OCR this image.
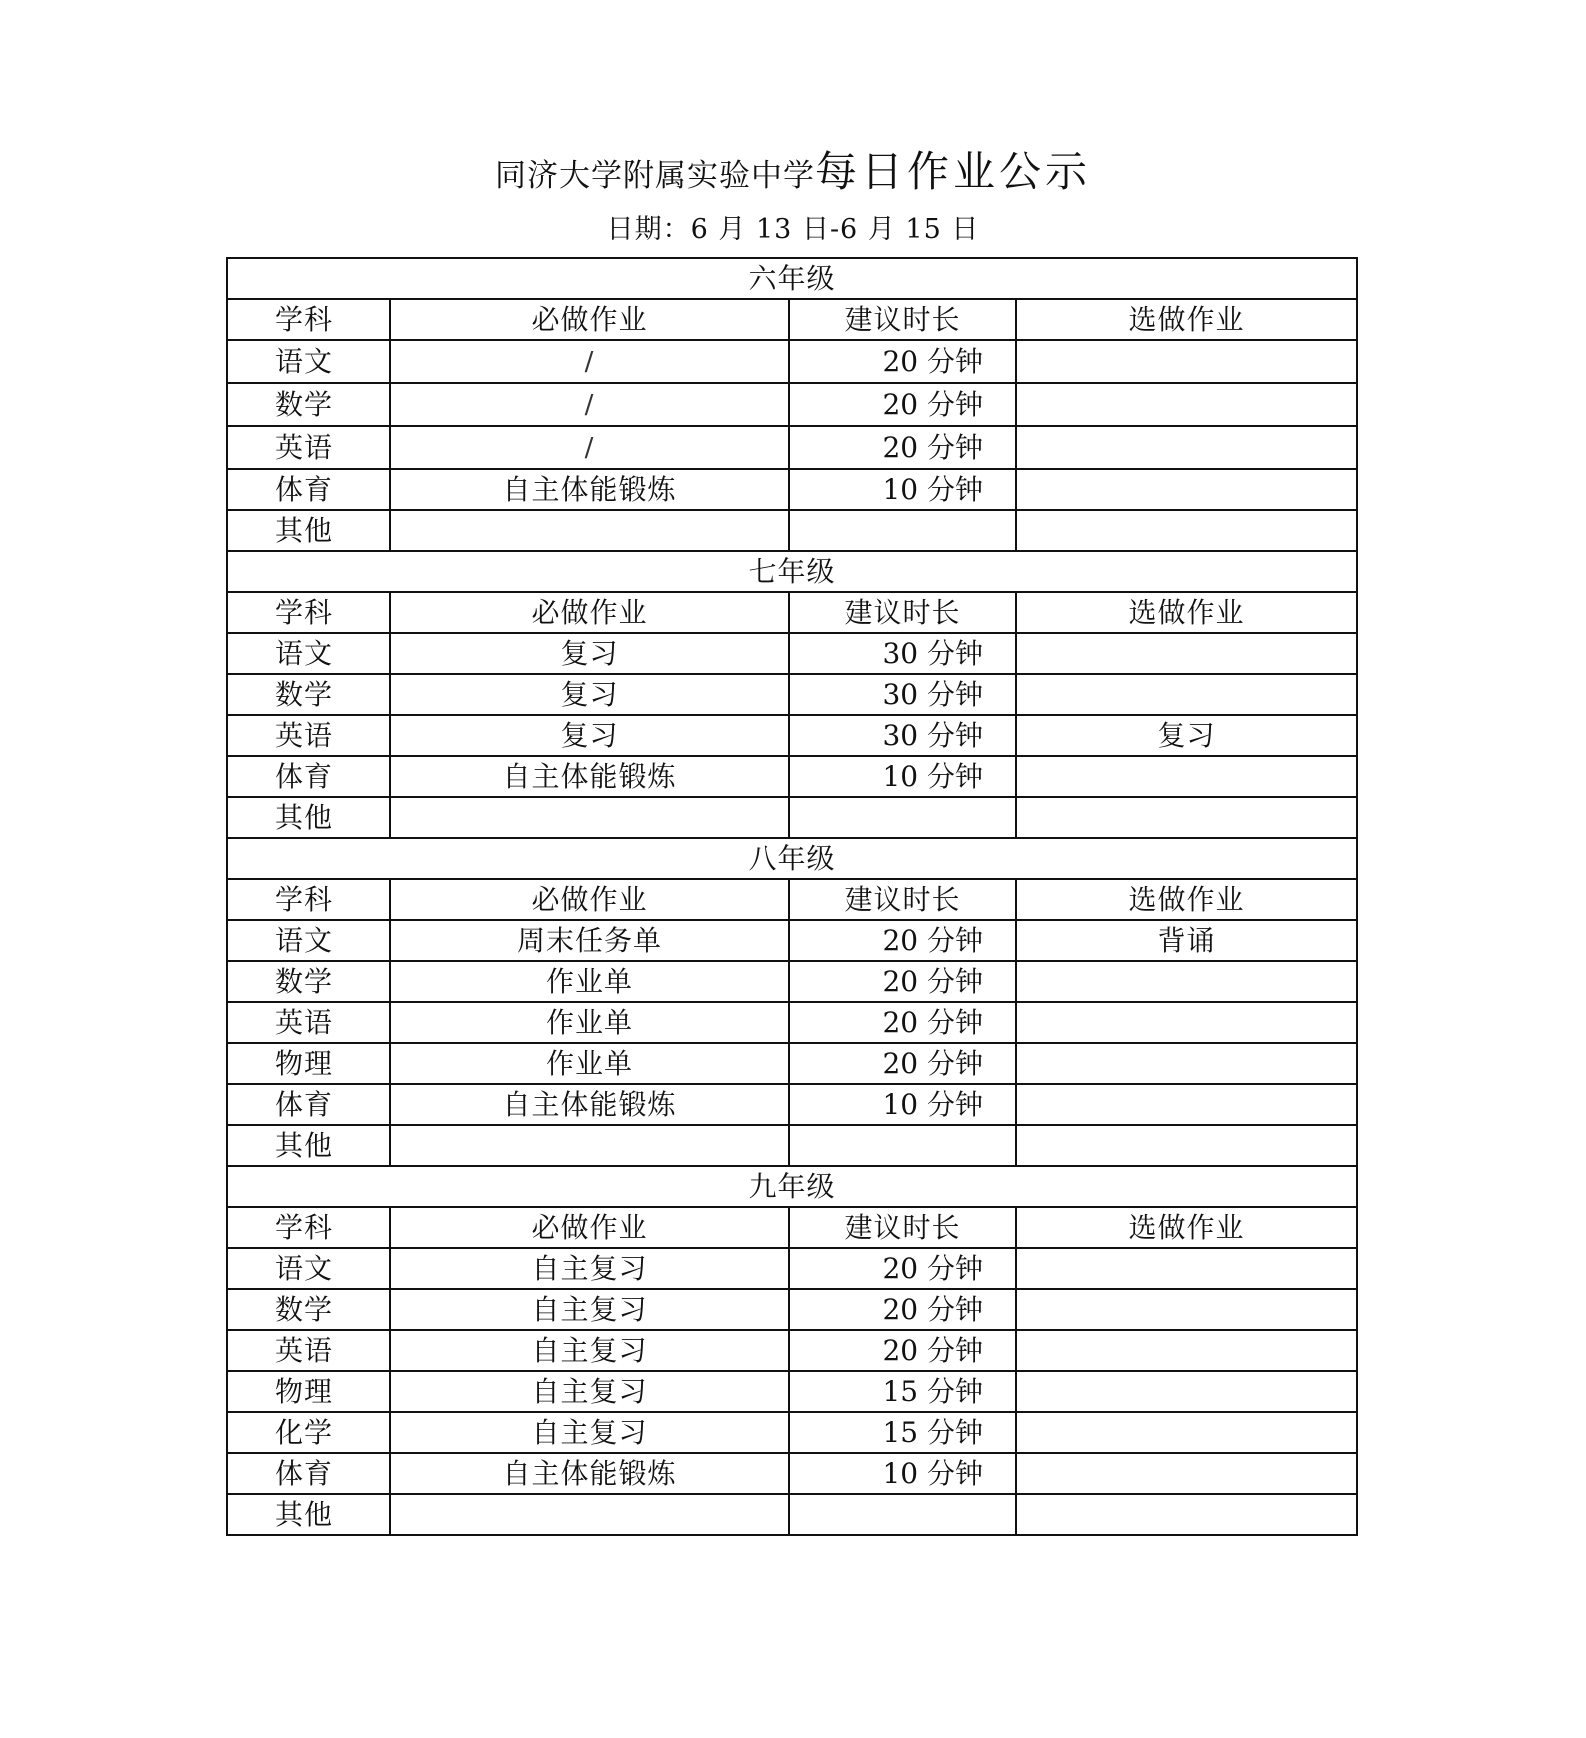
同济大学附属实验中学每日作业公示
日期：6 月 13 日-6 月 15 日
六年级			
学科	必做作业	建议时长	选做作业
语文	/	20 分钟	
数学	/	20 分钟	
英语	/	20 分钟	
体育	自主体能锻炼	10 分钟	
其他			
七年级			
学科	必做作业	建议时长	选做作业
语文	复习	30 分钟	
数学	复习	30 分钟	
英语	复习	30 分钟	复习
体育	自主体能锻炼	10 分钟	
其他			
八年级			
学科	必做作业	建议时长	选做作业
语文	周末任务单	20 分钟	背诵
数学	作业单	20 分钟	
英语	作业单	20 分钟	
物理	作业单	20 分钟	
体育	自主体能锻炼	10 分钟	
其他			
九年级			
学科	必做作业	建议时长	选做作业
语文	自主复习	20 分钟	
数学	自主复习	20 分钟	
英语	自主复习	20 分钟	
物理	自主复习	15 分钟	
化学	自主复习	15 分钟	
体育	自主体能锻炼	10 分钟	
其他			
